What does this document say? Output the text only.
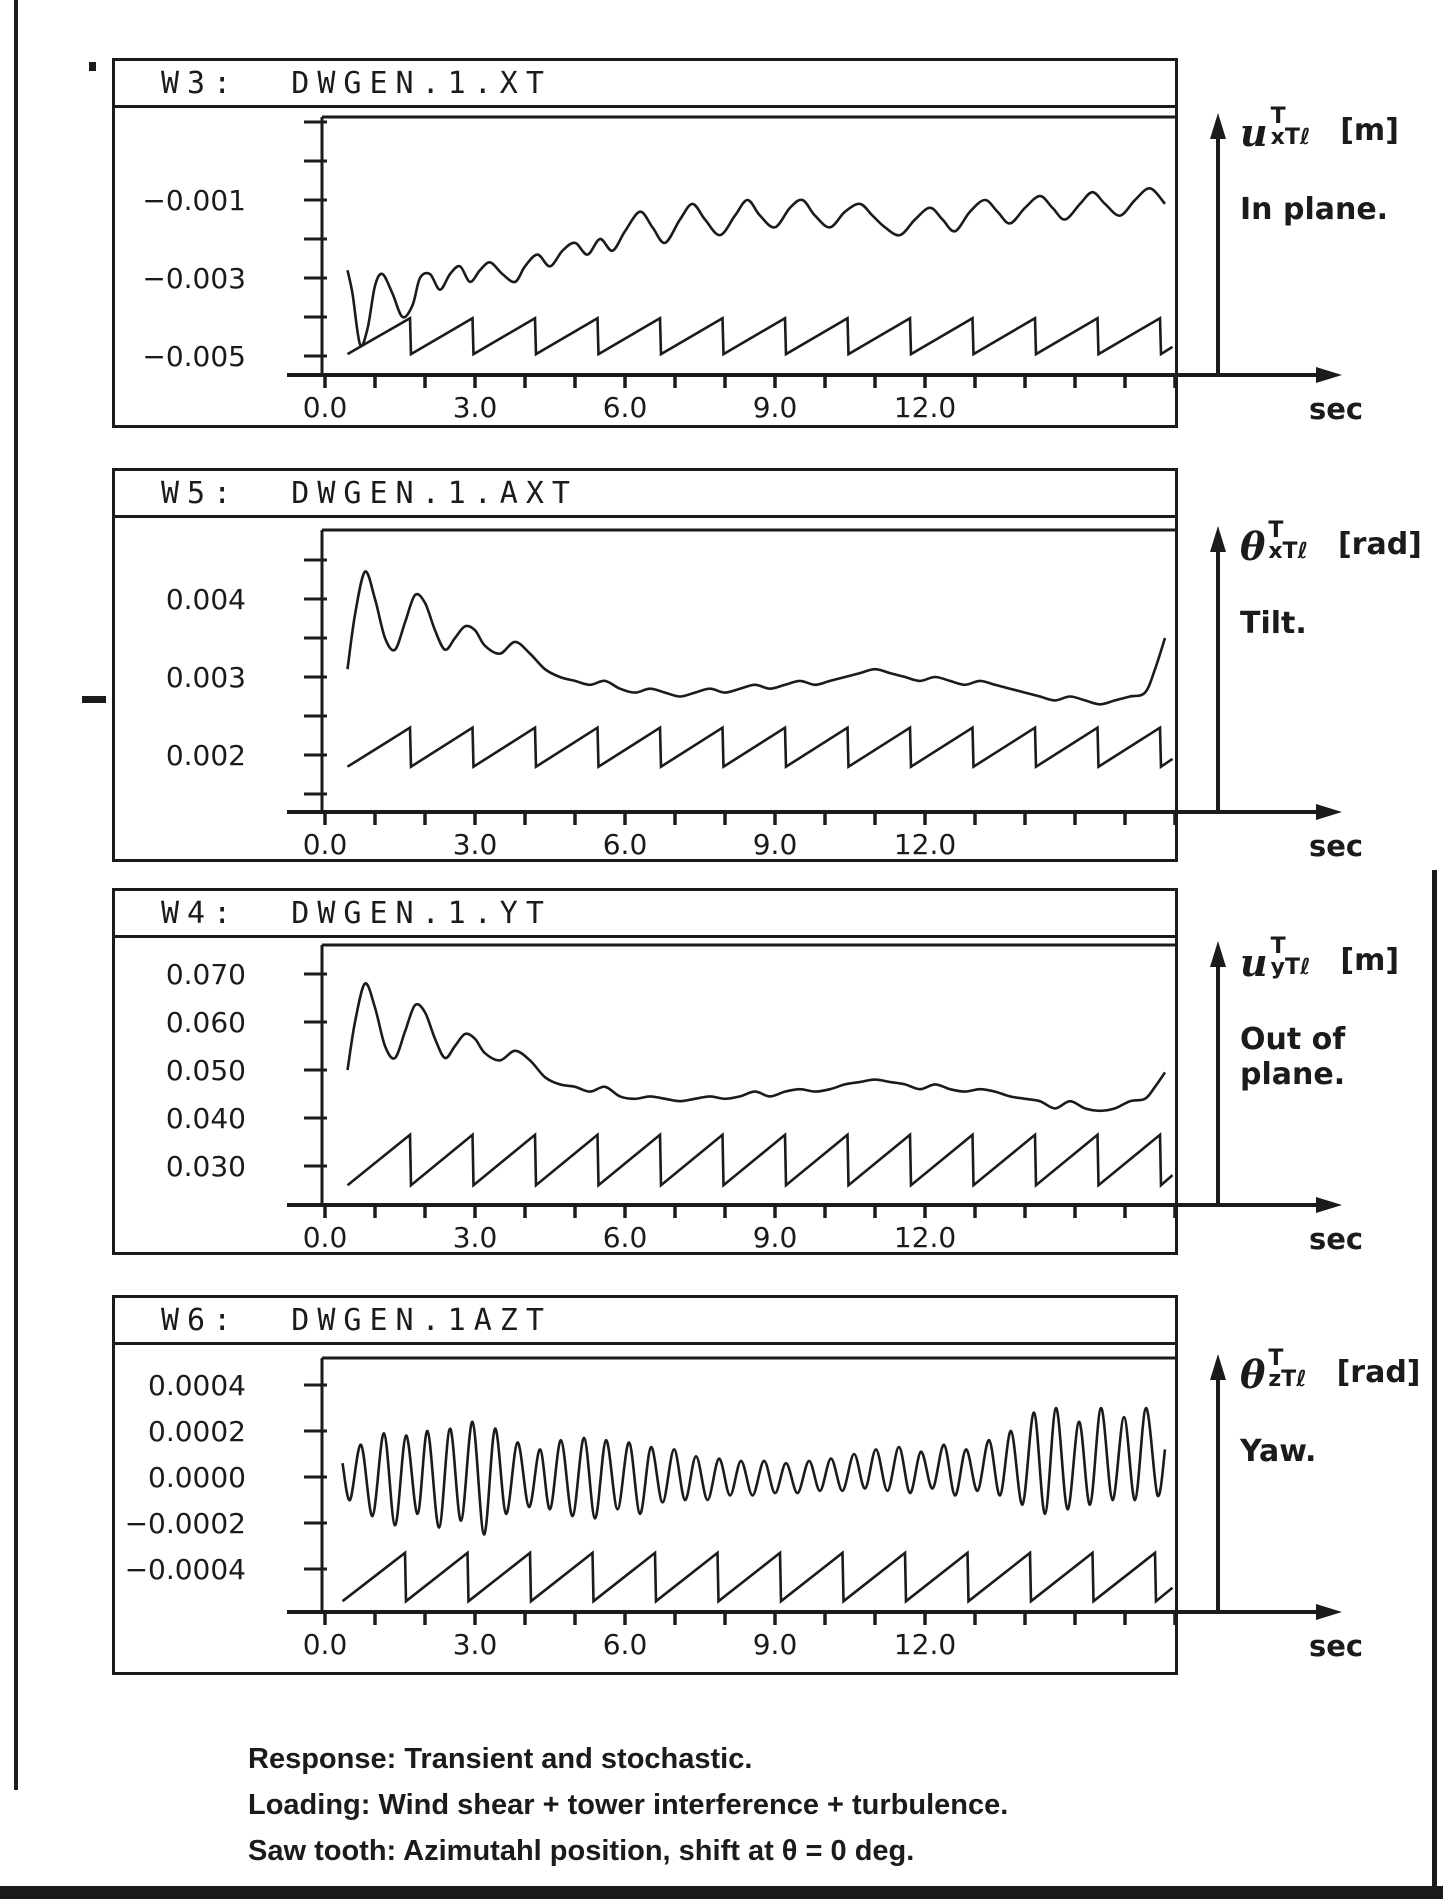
W3:  DWGEN.1.XT
W5:  DWGEN.1.AXT
W4:  DWGEN.1.YT
W6:  DWGEN.1AZT
−0.001
−0.003
−0.005
0.0	3.0	6.0	9.0	12.0	sec
0.004
0.003
0.002
0.0	3.0	6.0	9.0	12.0	sec
0.070
0.060
0.050
0.040
0.030
0.0	3.0	6.0	9.0	12.0	sec
0.0004
0.0002
0.0000
−0.0002
−0.0004
0.0	3.0	6.0	9.0	12.0	sec
u T
xTℓ [m]
In plane.
θ T
xTℓ [rad]
Tilt.
u T
yTℓ [m]
Out of plane.
θ T
zTℓ [rad]
Yaw.
Response: Transient and stochastic.
Loading: Wind shear + tower interference + turbulence.
Saw tooth: Azimutahl position, shift at θ = 0 deg.
